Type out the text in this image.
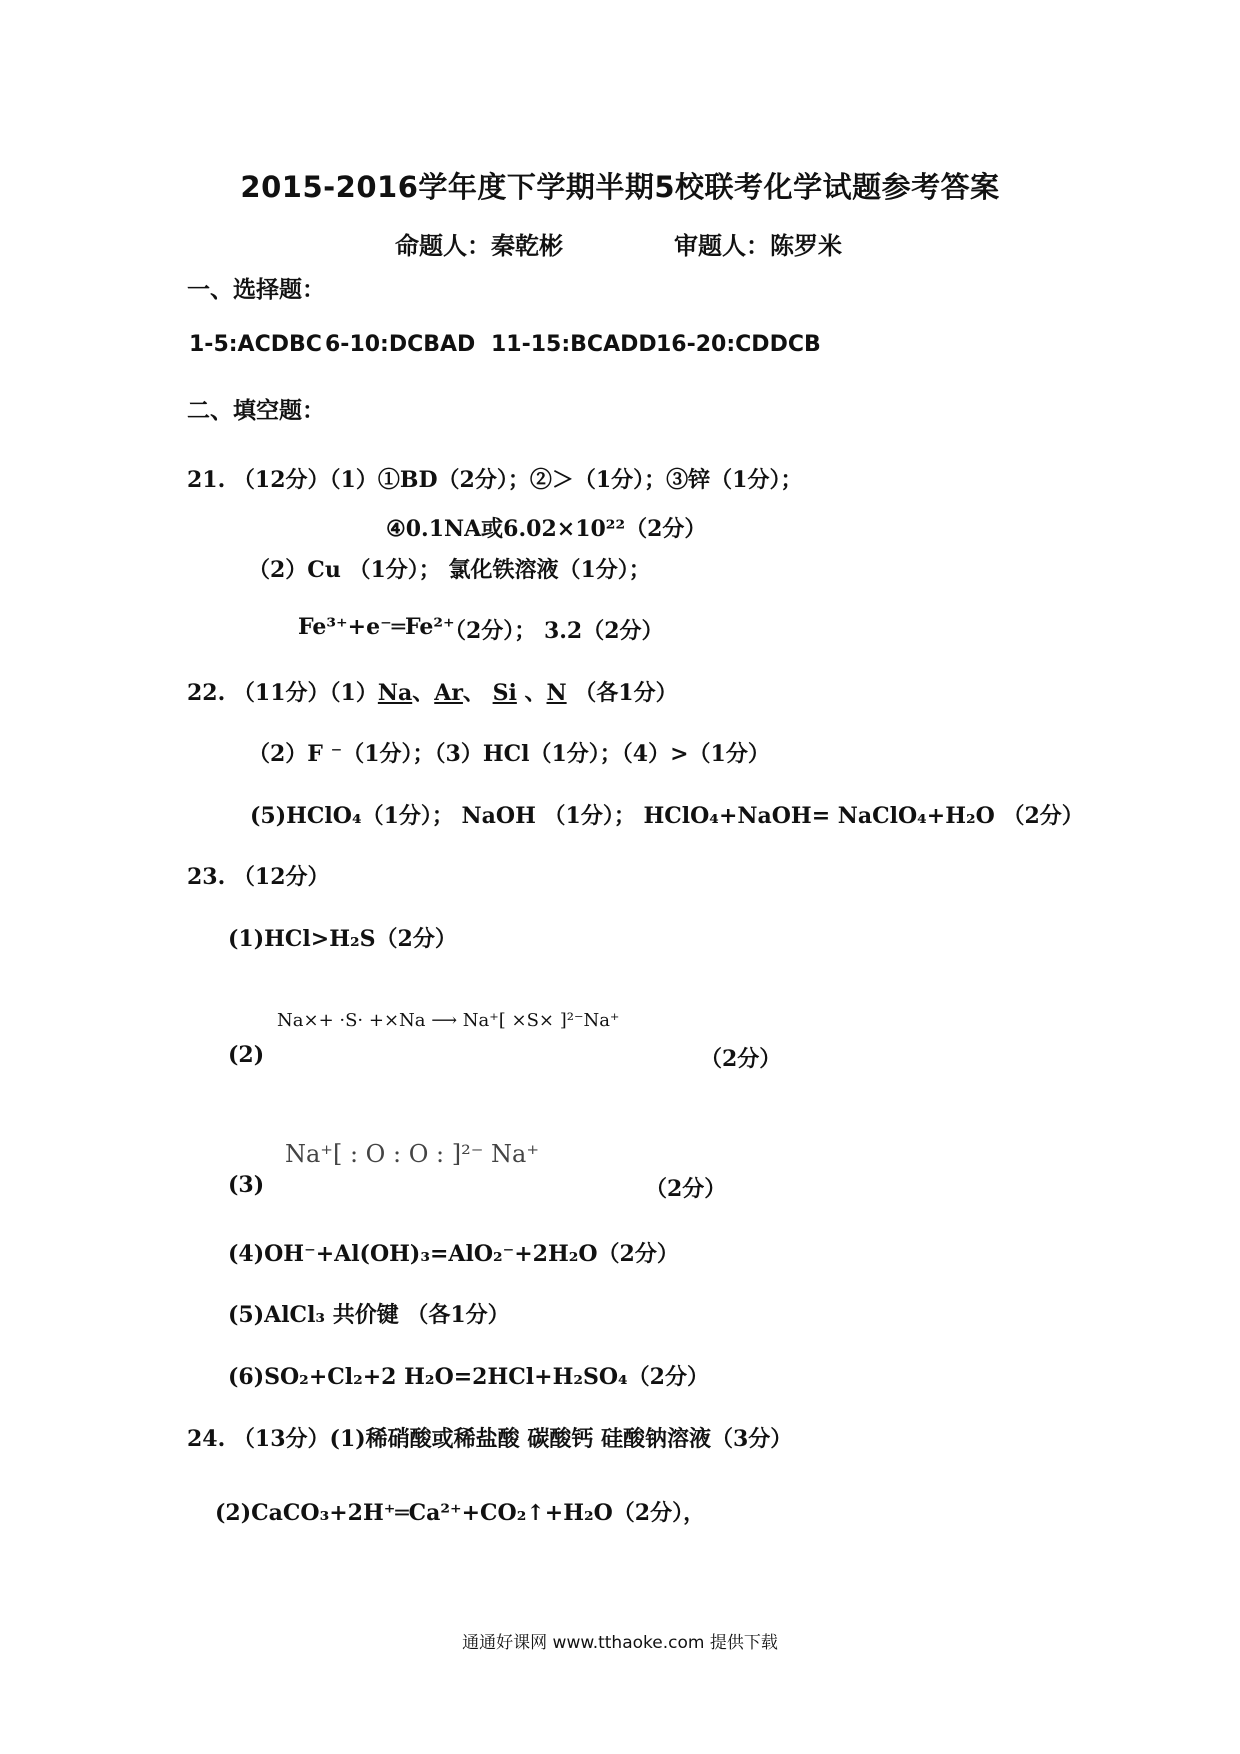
2015-2016学年度下学期半期5校联考化学试题参考答案
命题人：秦乾彬	审题人：陈罗米
一、选择题：
1-5:ACDBC 6-10:DCBAD 11-15:BCADD 16-20:CDDCB
二、填空题：
21. （12分）（1）①BD（2分）；②＞（1分）；③锌（1分）；
④0.1NA或6.02×10²²（2分）
（2）Cu （1分）； 氯化铁溶液（1分）；
Fe³⁺+e⁻═Fe²⁺
（2分）； 3.2（2分）
22. （11分）（1）Na、Ar、 Si 、N （各1分）
（2）F ⁻（1分）；（3）HCl（1分）；（4）>（1分）
(5)HClO₄（1分）； NaOH （1分）； HClO₄+NaOH= NaClO₄+H₂O （2分）
23. （12分）
(1)HCl>H₂S（2分）
(2)
Na×+ ·S· +×Na ⟶ Na⁺[ ×S× ]²⁻Na⁺
（2分）
(3)
Na⁺[ : O : O : ]²⁻ Na⁺
（2分）
(4)OH⁻+Al(OH)₃=AlO₂⁻+2H₂O（2分）
(5)AlCl₃ 共价键 （各1分）
(6)SO₂+Cl₂+2 H₂O=2HCl+H₂SO₄（2分）
24. （13分）(1)稀硝酸或稀盐酸 碳酸钙 硅酸钠溶液（3分）
(2)CaCO₃+2H⁺═Ca²⁺+CO₂↑+H₂O（2分），
通通好课网 www.tthaoke.com 提供下载
